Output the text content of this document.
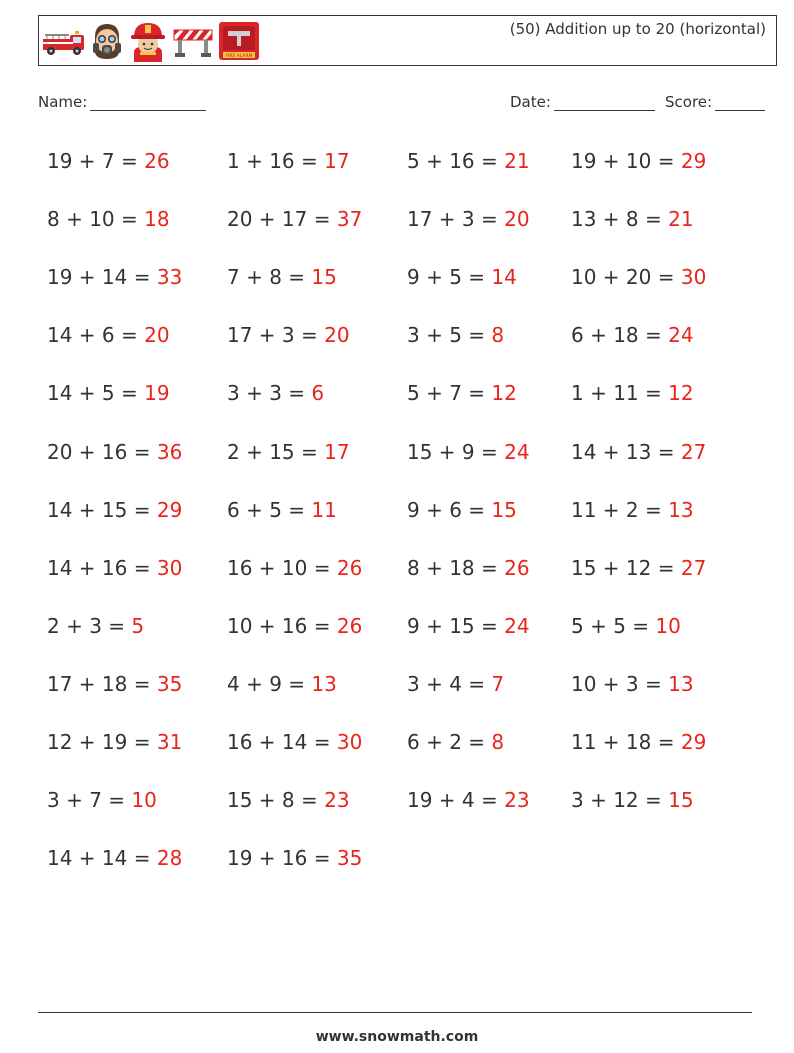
FIRE ALARM
(50) Addition up to 20 (horizontal)
Name:	Date:	Score:
19 + 7 = 26	1 + 16 = 17	5 + 16 = 21 19 + 10 = 29
8 + 10 = 18	20 + 17 = 37 17 + 3 = 20 13 + 8 = 21
19 + 14 = 33 7 + 8 = 15	9 + 5 = 14	10 + 20 = 30
14 + 6 = 20	17 + 3 = 20	3 + 5 = 8	6 + 18 = 24
14 + 5 = 19	3 + 3 = 6	5 + 7 = 12	1 + 11 = 12
20 + 16 = 36 2 + 15 = 17	15 + 9 = 24 14 + 13 = 27
14 + 15 = 29 6 + 5 = 11	9 + 6 = 15	11 + 2 = 13
14 + 16 = 30 16 + 10 = 26 8 + 18 = 26 15 + 12 = 27
2 + 3 = 5	10 + 16 = 26 9 + 15 = 24 5 + 5 = 10
17 + 18 = 35 4 + 9 = 13	3 + 4 = 7	10 + 3 = 13
12 + 19 = 31 16 + 14 = 30 6 + 2 = 8	11 + 18 = 29
3 + 7 = 10	15 + 8 = 23	19 + 4 = 23 3 + 12 = 15
14 + 14 = 28 19 + 16 = 35
www.snowmath.com
